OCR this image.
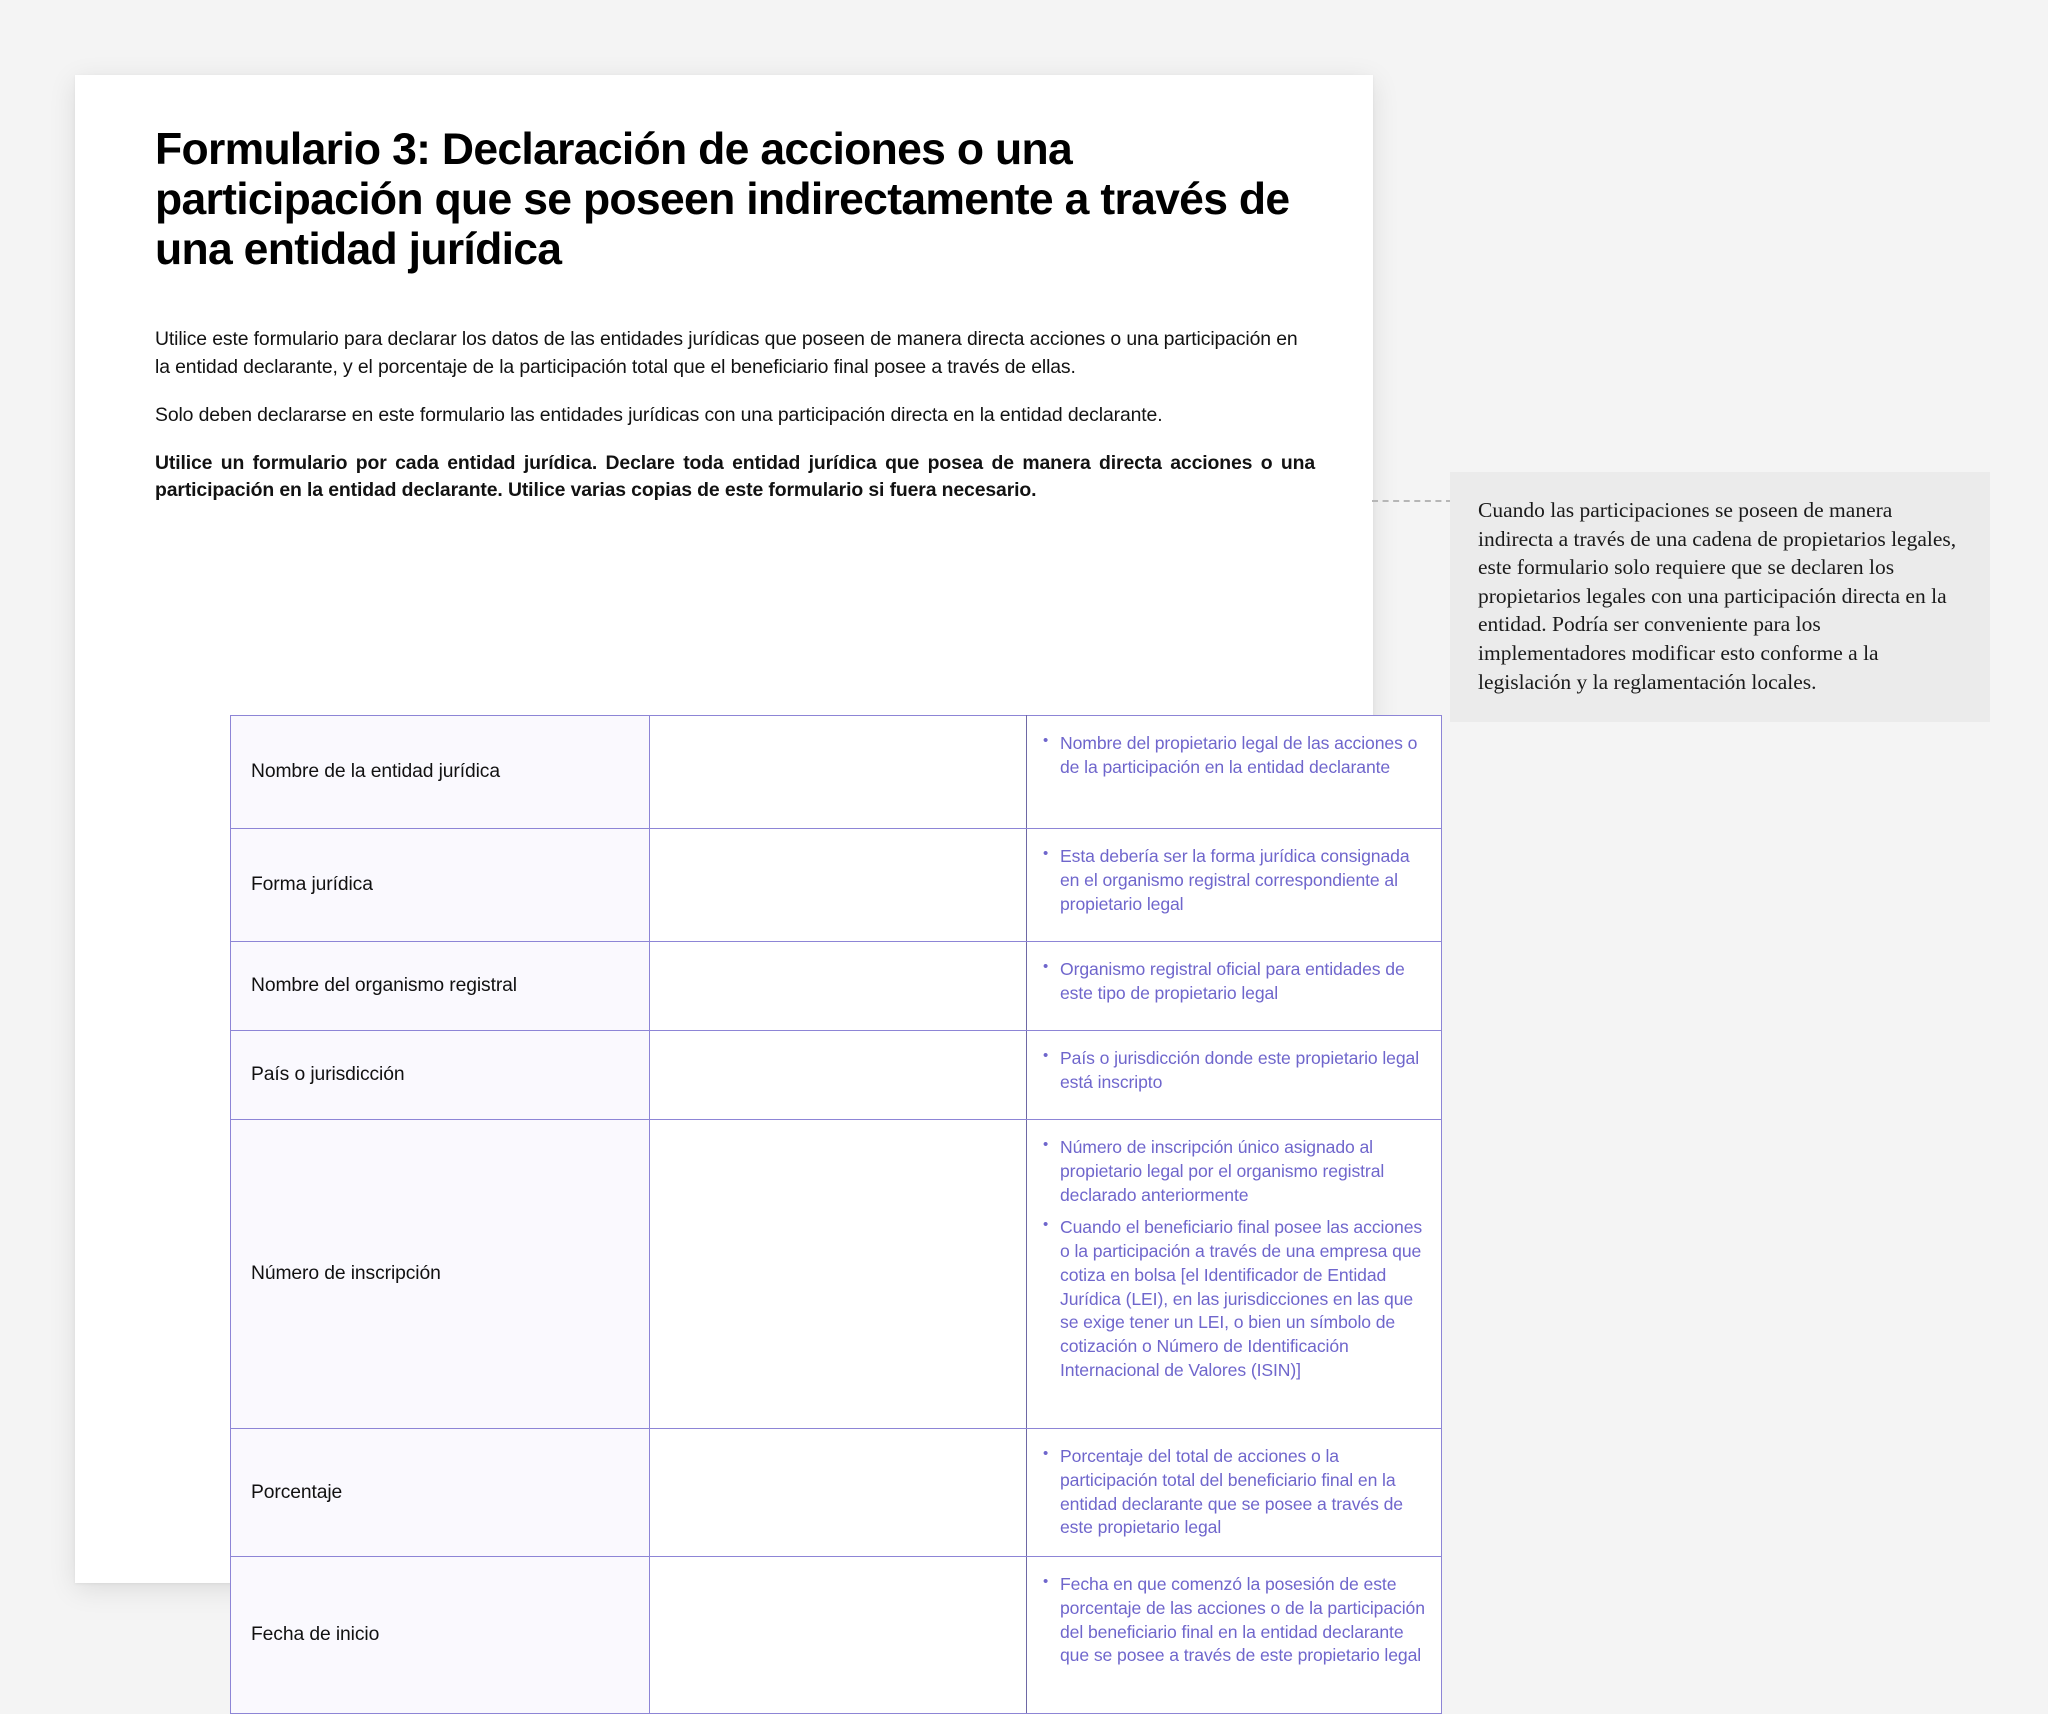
Formulario 3: Declaración de acciones o una participación que se poseen indirectamente a través de una entidad jurídica

Utilice este formulario para declarar los datos de las entidades jurídicas que poseen de manera directa acciones o una participación en la entidad declarante, y el porcentaje de la participación total que el beneficiario final posee a través de ellas.

Solo deben declararse en este formulario las entidades jurídicas con una participación directa en la entidad declarante.

Utilice un formulario por cada entidad jurídica. Declare toda entidad jurídica que posea de manera directa acciones o una participación en la entidad declarante. Utilice varias copias de este formulario si fuera necesario.

Nombre de la entidad jurídica		
• Nombre del propietario legal de las acciones o de la participación en la entidad declarante

Forma jurídica		
• Esta debería ser la forma jurídica consignada en el organismo registral correspondiente al propietario legal

Nombre del organismo registral		
• Organismo registral oficial para entidades de este tipo de propietario legal

País o jurisdicción		
• País o jurisdicción donde este propietario legal está inscripto

Número de inscripción		
• Número de inscripción único asignado al propietario legal por el organismo registral declarado anteriormente
• Cuando el beneficiario final posee las acciones o la participación a través de una empresa que cotiza en bolsa [el Identificador de Entidad Jurídica (LEI), en las jurisdicciones en las que se exige tener un LEI, o bien un símbolo de cotización o Número de Identificación Internacional de Valores (ISIN)]

Porcentaje		
• Porcentaje del total de acciones o la participación total del beneficiario final en la entidad declarante que se posee a través de este propietario legal

Fecha de inicio		
• Fecha en que comenzó la posesión de este porcentaje de las acciones o de la participación del beneficiario final en la entidad declarante que se posee a través de este propietario legal

Cuando las participaciones se poseen de manera indirecta a través de una cadena de propietarios legales, este formulario solo requiere que se declaren los propietarios legales con una participación directa en la entidad. Podría ser conveniente para los implementadores modificar esto conforme a la legislación y la reglamentación locales.
